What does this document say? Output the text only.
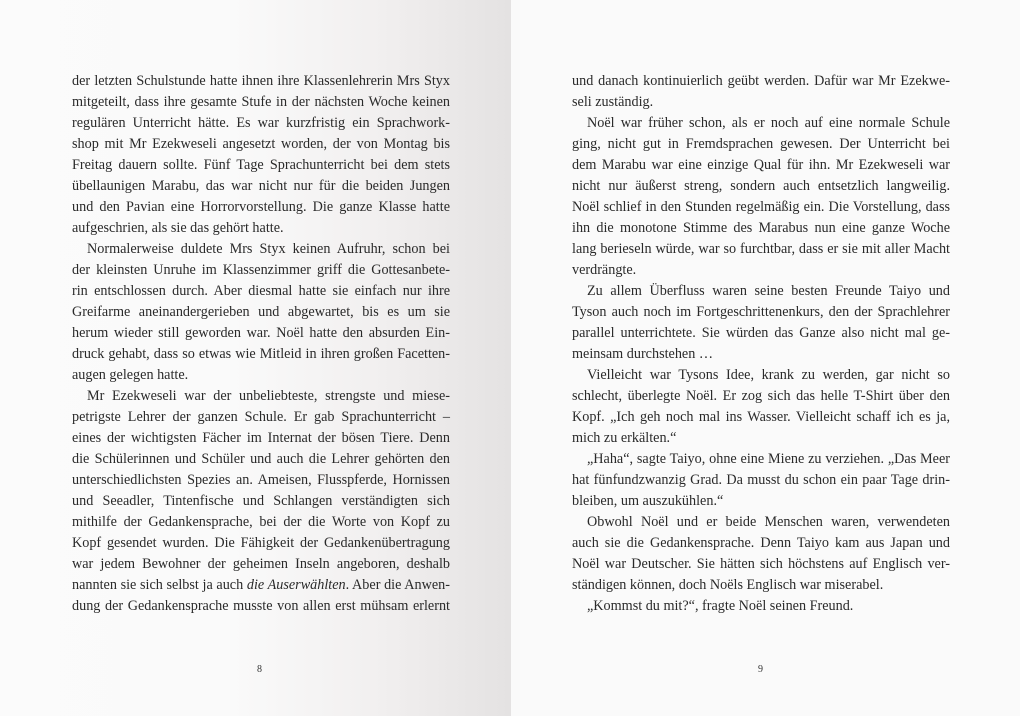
der letzten Schulstunde hatte ihnen ihre Klassenlehrerin Mrs Styx
mitgeteilt, dass ihre gesamte Stufe in der nächsten Woche keinen
regulären Unterricht hätte. Es war kurzfristig ein Sprachwork-
shop mit Mr Ezekweseli angesetzt worden, der von Montag bis
Freitag dauern sollte. Fünf Tage Sprachunterricht bei dem stets
übellaunigen Marabu, das war nicht nur für die beiden Jungen
und den Pavian eine Horrorvorstellung. Die ganze Klasse hatte
aufgeschrien, als sie das gehört hatte.
Normalerweise duldete Mrs Styx keinen Aufruhr, schon bei
der kleinsten Unruhe im Klassenzimmer griff die Gottesanbete-
rin entschlossen durch. Aber diesmal hatte sie einfach nur ihre
Greifarme aneinandergerieben und abgewartet, bis es um sie
herum wieder still geworden war. Noël hatte den absurden Ein-
druck gehabt, dass so etwas wie Mitleid in ihren großen Facetten-
augen gelegen hatte.
Mr Ezekweseli war der unbeliebteste, strengste und miese-
petrigste Lehrer der ganzen Schule. Er gab Sprachunterricht –
eines der wichtigsten Fächer im Internat der bösen Tiere. Denn
die Schülerinnen und Schüler und auch die Lehrer gehörten den
unterschiedlichsten Spezies an. Ameisen, Flusspferde, Hornissen
und Seeadler, Tintenfische und Schlangen verständigten sich
mithilfe der Gedankensprache, bei der die Worte von Kopf zu
Kopf gesendet wurden. Die Fähigkeit der Gedankenübertragung
war jedem Bewohner der geheimen Inseln angeboren, deshalb
nannten sie sich selbst ja auch die Auserwählten. Aber die Anwen-
dung der Gedankensprache musste von allen erst mühsam erlernt
8
und danach kontinuierlich geübt werden. Dafür war Mr Ezekwe-
seli zuständig.
Noël war früher schon, als er noch auf eine normale Schule
ging, nicht gut in Fremdsprachen gewesen. Der Unterricht bei
dem Marabu war eine einzige Qual für ihn. Mr Ezekweseli war
nicht nur äußerst streng, sondern auch entsetzlich langweilig.
Noël schlief in den Stunden regelmäßig ein. Die Vorstellung, dass
ihn die monotone Stimme des Marabus nun eine ganze Woche
lang berieseln würde, war so furchtbar, dass er sie mit aller Macht
verdrängte.
Zu allem Überfluss waren seine besten Freunde Taiyo und
Tyson auch noch im Fortgeschrittenenkurs, den der Sprachlehrer
parallel unterrichtete. Sie würden das Ganze also nicht mal ge-
meinsam durchstehen …
Vielleicht war Tysons Idee, krank zu werden, gar nicht so
schlecht, überlegte Noël. Er zog sich das helle T-Shirt über den
Kopf. „Ich geh noch mal ins Wasser. Vielleicht schaff ich es ja,
mich zu erkälten.“
„Haha“, sagte Taiyo, ohne eine Miene zu verziehen. „Das Meer
hat fünfundzwanzig Grad. Da musst du schon ein paar Tage drin-
bleiben, um auszukühlen.“
Obwohl Noël und er beide Menschen waren, verwendeten
auch sie die Gedankensprache. Denn Taiyo kam aus Japan und
Noël war Deutscher. Sie hätten sich höchstens auf Englisch ver-
ständigen können, doch Noëls Englisch war miserabel.
„Kommst du mit?“, fragte Noël seinen Freund.
9
